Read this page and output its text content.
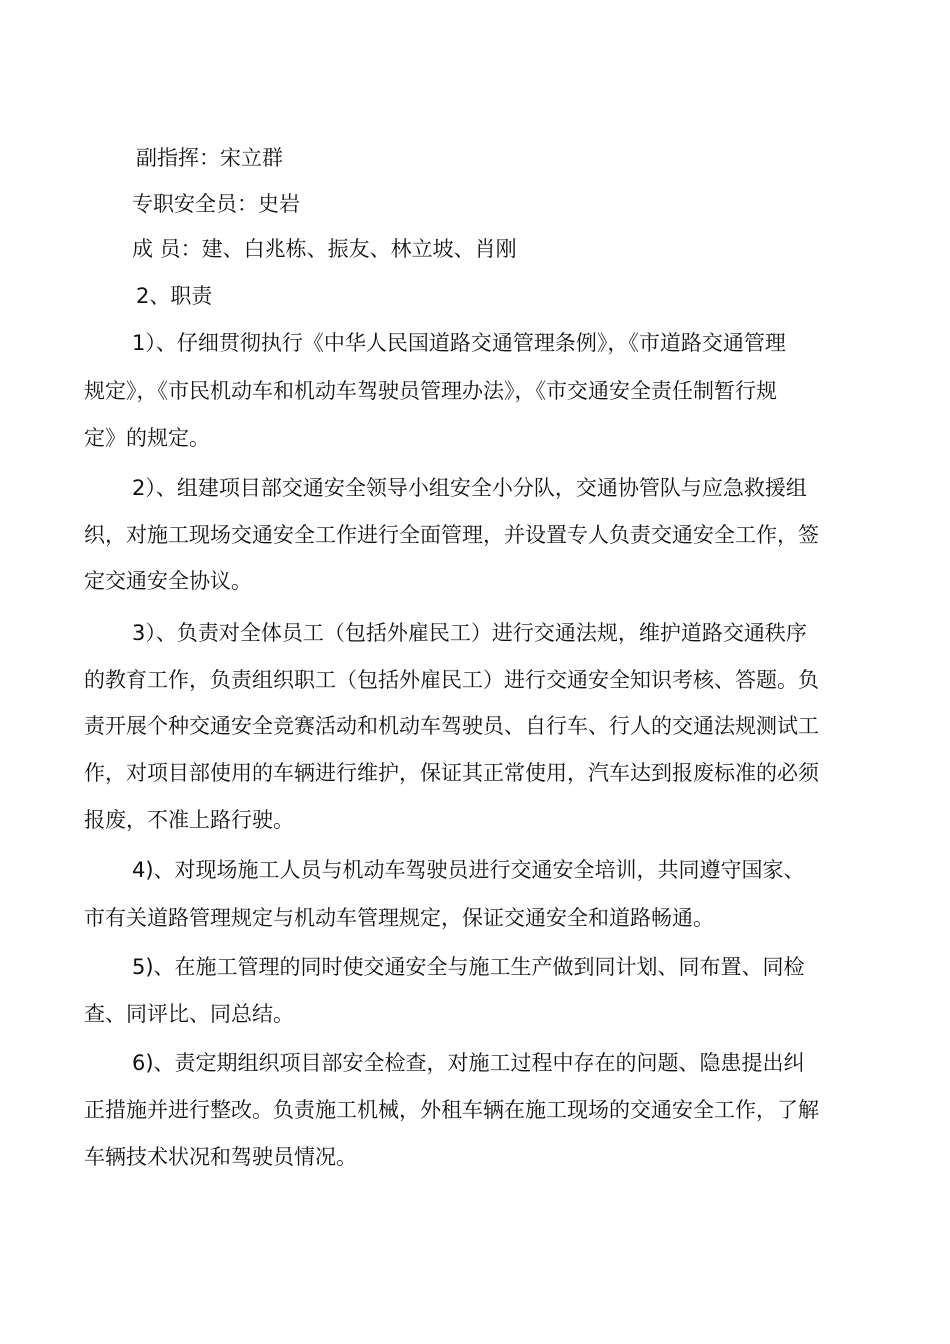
副指挥：宋立群
专职安全员：史岩
成 员：建、白兆栋、振友、林立坡、肖刚
2、职责
1）、仔细贯彻执行《中华人民国道路交通管理条例》，《市道路交通管理
规定》，《市民机动车和机动车驾驶员管理办法》，《市交通安全责任制暂行规
定》的规定。
2）、组建项目部交通安全领导小组安全小分队，交通协管队与应急救援组
织，对施工现场交通安全工作进行全面管理，并设置专人负责交通安全工作，签
定交通安全协议。
3）、负责对全体员工（包括外雇民工）进行交通法规，维护道路交通秩序
的教育工作，负责组织职工（包括外雇民工）进行交通安全知识考核、答题。负
责开展个种交通安全竞赛活动和机动车驾驶员、自行车、行人的交通法规测试工
作，对项目部使用的车辆进行维护，保证其正常使用，汽车达到报废标准的必须
报废，不准上路行驶。
4)、对现场施工人员与机动车驾驶员进行交通安全培训，共同遵守国家、
市有关道路管理规定与机动车管理规定，保证交通安全和道路畅通。
5)、在施工管理的同时使交通安全与施工生产做到同计划、同布置、同检
查、同评比、同总结。
6)、责定期组织项目部安全检查，对施工过程中存在的问题、隐患提出纠
正措施并进行整改。负责施工机械，外租车辆在施工现场的交通安全工作，了解
车辆技术状况和驾驶员情况。
